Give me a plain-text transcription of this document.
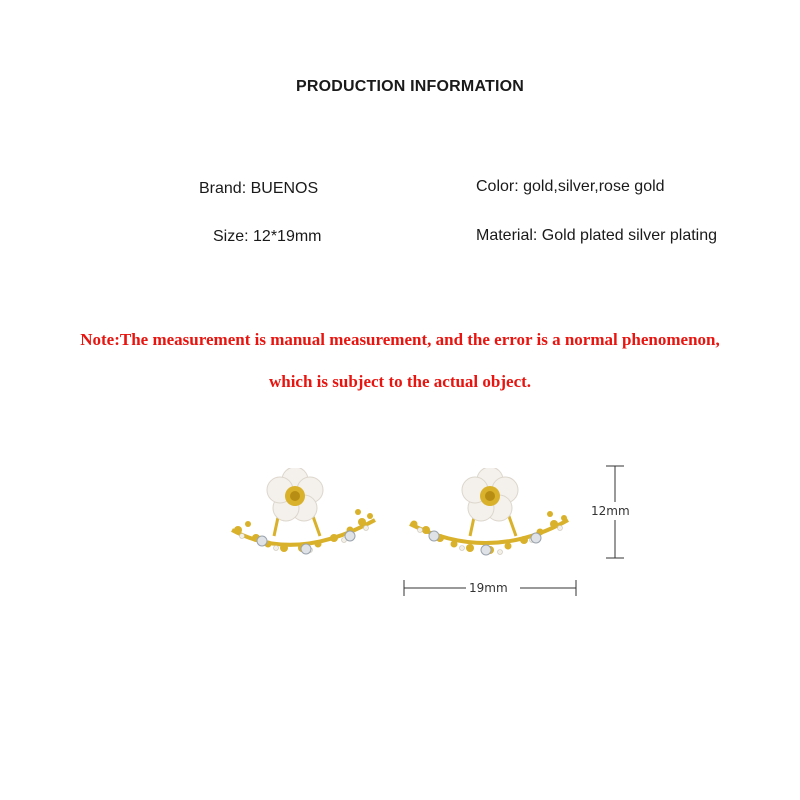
PRODUCTION INFORMATION
Brand: BUENOS
Size: 12*19mm
Color: gold,silver,rose gold
Material: Gold plated silver plating
Note:The measurement is manual measurement, and the error is a normal phenomenon,
which is subject to the actual object.
12mm
19mm
